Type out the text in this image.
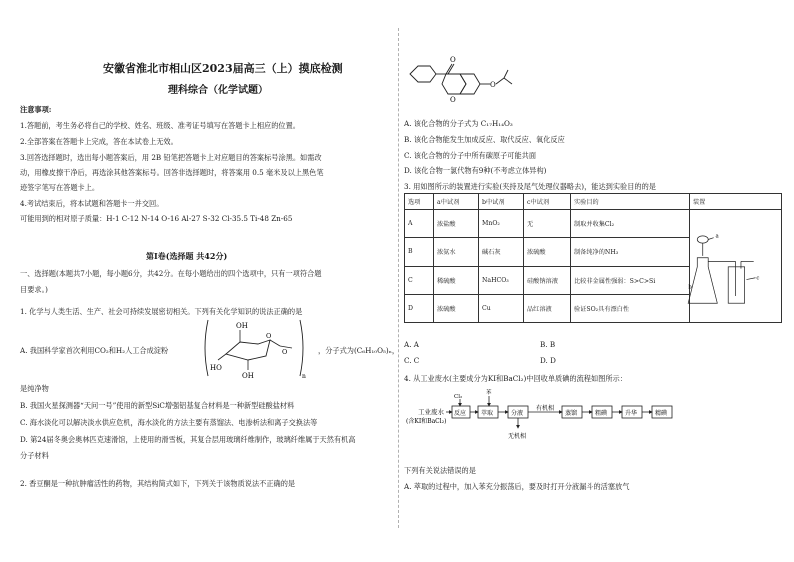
安徽省淮北市相山区2023届高三（上）摸底检测
理科综合（化学试题）
注意事项:
1.答题前，考生务必将自己的学校、姓名、班级、准考证号填写在答题卡上相应的位置。
2.全部答案在答题卡上完成，答在本试卷上无效。
3.回答选择题时，选出每小题答案后，用 2B 铅笔把答题卡上对应题目的答案标号涂黑。如需改
动，用橡皮擦干净后，再选涂其他答案标号。回答非选择题时，将答案用 0.5 毫米及以上黑色笔
迹签字笔写在答题卡上。
4.考试结束后，将本试题和答题卡一并交回。
可能用到的相对原子质量：H-1 C-12 N-14 O-16 Al-27 S-32 Cl-35.5 Ti-48 Zn-65
第Ⅰ卷(选择题 共42分)
一、选择题(本题共7小题，每小题6分，共42分。在每小题给出的四个选项中，只有一项符合题
目要求。)
1. 化学与人类生活、生产、社会可持续发展密切相关。下列有关化学知识的说法正确的是
A. 我国科学家首次利用CO₂和H₂人工合成淀粉
OH
HO
OH
O
O
n
，分子式为(C₆H₁₀O₅)ₙ，
是纯净物
B. 我国火星探测器“天问一号”使用的新型SiC增强铝基复合材料是一种新型硅酸盐材料
C. 海水淡化可以解决淡水供应危机，海水淡化的方法主要有蒸馏法、电渗析法和离子交换法等
D. 第24届冬奥会奥林匹克速滑馆，上使用的滑雪板，其复合层用玻璃纤维制作，玻璃纤维属于天然有机高
分子材料
2. 香豆酮是一种抗肿瘤活性的药物，其结构简式如下，下列关于该物质说法不正确的是
O
O
O
A. 该化合物的分子式为 C₁₇H₁₄O₃
B. 该化合物能发生加成反应、取代反应、氧化反应
C. 该化合物的分子中所有碳原子可能共面
D. 该化合物一氯代物有9种(不考虑立体异构)
3. 用如图所示的装置进行实验(夹持及尾气处理仪器略去)，能达到实验目的的是
选项	a中试剂	b中试剂	c中试剂	实验目的	装置
A	浓盐酸	MnO₂	无	制取并收集Cl₂	a
b
c

B	浓氨水	碱石灰	浓硫酸	制备纯净的NH₃	
C	稀硫酸	NaHCO₃	硅酸钠溶液	比较非金属性强弱：S>C>Si	
D	浓硫酸	Cu	品红溶液	验证SO₂具有漂白性	
A. A	B. B
C. C	D. D
4. 从工业废水(主要成分为KI和BaCl₂)中回收单质碘的流程如图所示：
工业废水
(含KI和BaCl₂)
反应
Cl₂
萃取
苯
分液
无机相
有机相
蒸馏	粗碘	升华	精碘
下列有关说法错误的是
A. 萃取的过程中，加入苯充分振荡后，要及时打开分液漏斗的活塞放气
